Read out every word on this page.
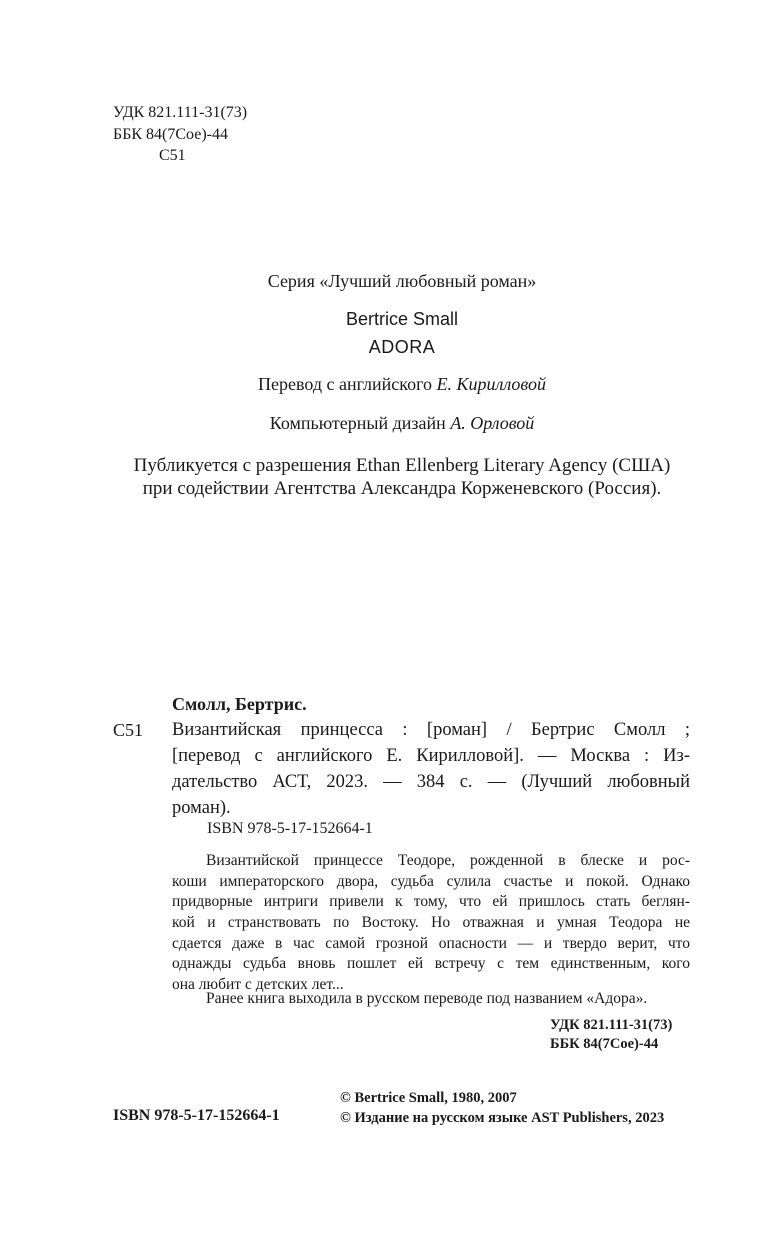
УДК 821.111-31(73)
ББК 84(7Сое)-44
С51
Серия «Лучший любовный роман»
Bertrice Small
ADORA
Перевод с английского Е. Кирилловой
Компьютерный дизайн А. Орловой
Публикуется с разрешения Ethan Ellenberg Literary Agency (США)
при содействии Агентства Александра Корженевского (Россия).
Смолл, Бертрис.
С51 Византийская принцесса : [роман] / Бертрис Смолл ;
[перевод с английского Е. Кирилловой]. — Москва : Из-
дательство АСТ, 2023. — 384 с. — (Лучший любовный
роман).
ISBN 978-5-17-152664-1
Византийской принцессе Теодоре, рожденной в блеске и рос-
коши императорского двора, судьба сулила счастье и покой. Однако
придворные интриги привели к тому, что ей пришлось стать беглян-
кой и странствовать по Востоку. Но отважная и умная Теодора не
сдается даже в час самой грозной опасности — и твердо верит, что
однажды судьба вновь пошлет ей встречу с тем единственным, кого
она любит с детских лет...
Ранее книга выходила в русском переводе под названием «Адора».
УДК 821.111-31(73)
ББК 84(7Сое)-44
© Bertrice Small, 1980, 2007
© Издание на русском языке AST Publishers, 2023
ISBN 978-5-17-152664-1
